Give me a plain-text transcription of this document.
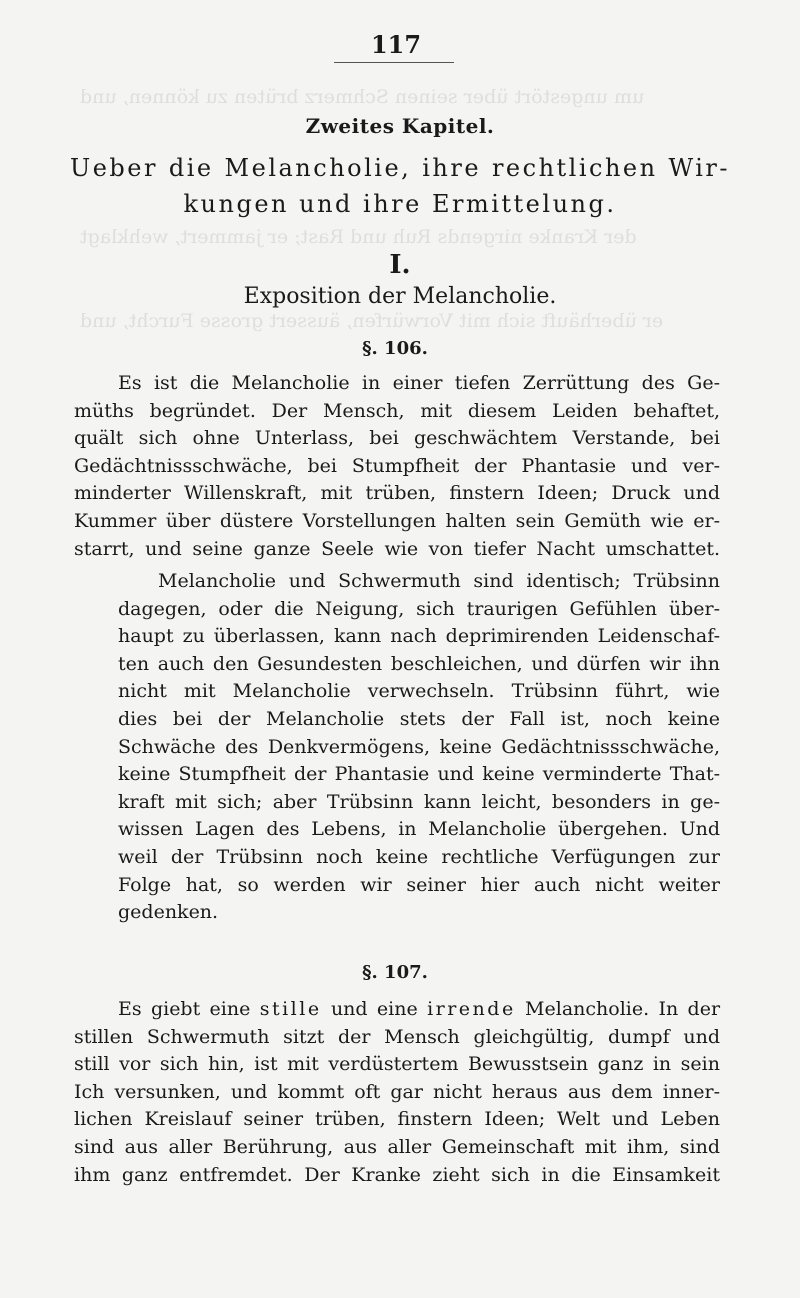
um ungestört über seinen Schmerz brüten zu können, und
der Kranke nirgends Ruh und Rast; er jammert, wehklagt
er überhäuft sich mit Vorwürfen, äussert grosse Furcht, und
117
Zweites Kapitel.
Ueber die Melancholie, ihre rechtlichen Wir-
kungen und ihre Ermittelung.
I.
Exposition der Melancholie.
§. 106.
Es ist die Melancholie in einer tiefen Zerrüttung des Ge-
müths begründet. Der Mensch, mit diesem Leiden behaftet,
quält sich ohne Unterlass, bei geschwächtem Verstande, bei
Gedächtnissschwäche, bei Stumpfheit der Phantasie und ver-
minderter Willenskraft, mit trüben, finstern Ideen; Druck und
Kummer über düstere Vorstellungen halten sein Gemüth wie er-
starrt, und seine ganze Seele wie von tiefer Nacht umschattet.
Melancholie und Schwermuth sind identisch; Trübsinn
dagegen, oder die Neigung, sich traurigen Gefühlen über-
haupt zu überlassen, kann nach deprimirenden Leidenschaf-
ten auch den Gesundesten beschleichen, und dürfen wir ihn
nicht mit Melancholie verwechseln. Trübsinn führt, wie
dies bei der Melancholie stets der Fall ist, noch keine
Schwäche des Denkvermögens, keine Gedächtnissschwäche,
keine Stumpfheit der Phantasie und keine verminderte That-
kraft mit sich; aber Trübsinn kann leicht, besonders in ge-
wissen Lagen des Lebens, in Melancholie übergehen. Und
weil der Trübsinn noch keine rechtliche Verfügungen zur
Folge hat, so werden wir seiner hier auch nicht weiter
gedenken.
§. 107.
Es giebt eine stille und eine irrende Melancholie. In der
stillen Schwermuth sitzt der Mensch gleichgültig, dumpf und
still vor sich hin, ist mit verdüstertem Bewusstsein ganz in sein
Ich versunken, und kommt oft gar nicht heraus aus dem inner-
lichen Kreislauf seiner trüben, finstern Ideen; Welt und Leben
sind aus aller Berührung, aus aller Gemeinschaft mit ihm, sind
ihm ganz entfremdet. Der Kranke zieht sich in die Einsamkeit
